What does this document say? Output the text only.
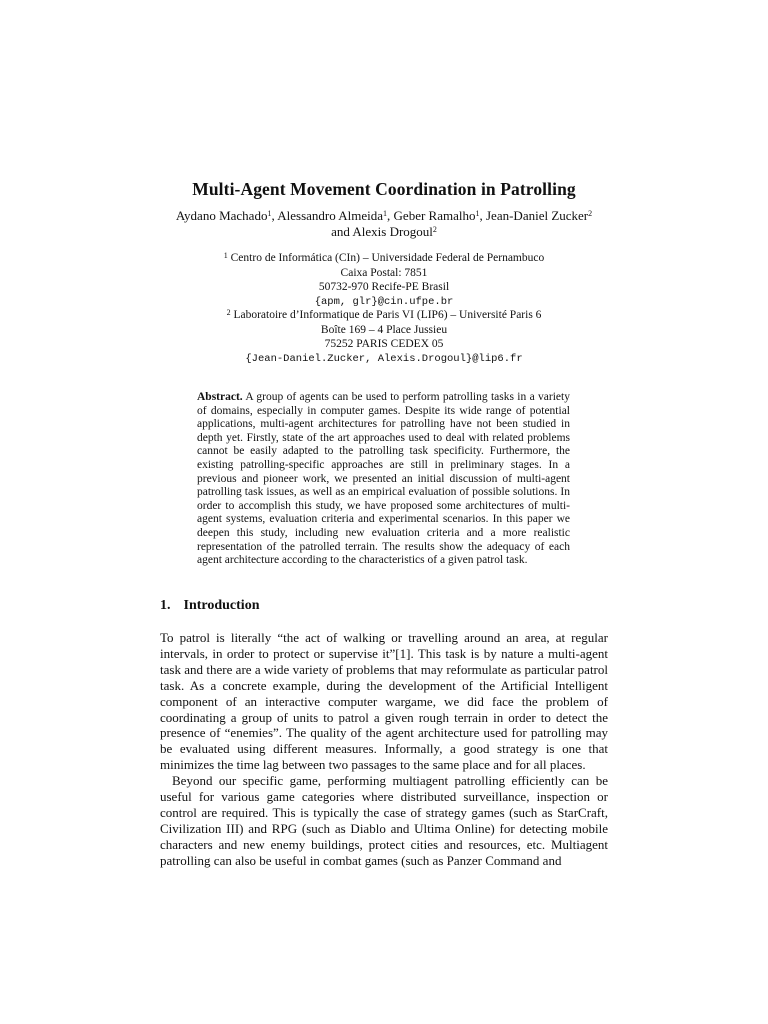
Multi-Agent Movement Coordination in Patrolling
Aydano Machado$^1$, Alessandro Almeida$^1$, Geber Ramalho$^1$, Jean-Daniel Zucker$^2$
and Alexis Drogoul$^2$
$^1$ Centro de Informática (CIn) – Universidade Federal de Pernambuco
Caixa Postal: 7851
50732-970 Recife-PE Brasil
{apm, glr}@cin.ufpe.br
$^2$ Laboratoire d’Informatique de Paris VI (LIP6) – Université Paris 6
Boîte 169 – 4 Place Jussieu
75252 PARIS CEDEX 05
{Jean-Daniel.Zucker, Alexis.Drogoul}@lip6.fr
Abstract. A group of agents can be used to perform patrolling tasks in a variety of domains, especially in computer games. Despite its wide range of potential applications, multi-agent architectures for patrolling have not been studied in depth yet. Firstly, state of the art approaches used to deal with related problems cannot be easily adapted to the patrolling task specificity. Furthermore, the existing patrolling-specific approaches are still in preliminary stages. In a previous and pioneer work, we presented an initial discussion of multi-agent patrolling task issues, as well as an empirical evaluation of possible solutions. In order to accomplish this study, we have proposed some architectures of multi-agent systems, evaluation criteria and experimental scenarios. In this paper we deepen this study, including new evaluation criteria and a more realistic representation of the patrolled terrain. The results show the adequacy of each agent architecture according to the characteristics of a given patrol task.
1. Introduction

To patrol is literally “the act of walking or travelling around an area, at regular intervals, in order to protect or supervise it”[1]. This task is by nature a multi-agent task and there are a wide variety of problems that may reformulate as particular patrol task. As a concrete example, during the development of the Artificial Intelligent component of an interactive computer wargame, we did face the problem of coordinating a group of units to patrol a given rough terrain in order to detect the presence of “enemies”. The quality of the agent architecture used for patrolling may be evaluated using different measures. Informally, a good strategy is one that minimizes the time lag between two passages to the same place and for all places.

Beyond our specific game, performing multiagent patrolling efficiently can be useful for various game categories where distributed surveillance, inspection or control are required. This is typically the case of strategy games (such as StarCraft, Civilization III) and RPG (such as Diablo and Ultima Online) for detecting mobile characters and new enemy buildings, protect cities and resources, etc. Multiagent patrolling can also be useful in combat games (such as Panzer Command and
